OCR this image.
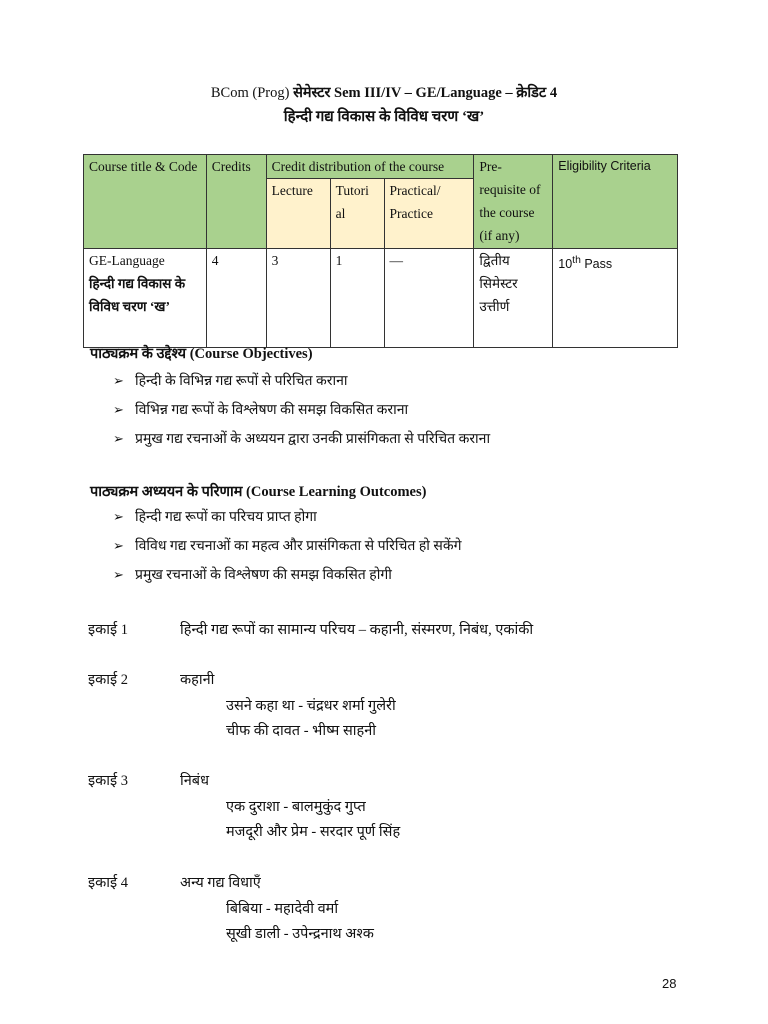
BCom (Prog) सेमेस्टर Sem III/IV – GE/Language – क्रेडिट 4
हिन्दी गद्य विकास के विविध चरण ‘ख’
Course title & Code	Credits	Credit distribution of the course			Pre-requisite of the course (if any)	Eligibility Criteria
		Lecture	Tutori al	Practical/ Practice		

GE-Language
हिन्दी गद्य विकास के विविध चरण ‘ख’	4	3	1	—	द्वितीय सिमेस्टर उत्तीर्ण	10th Pass
पाठ्यक्रम के उद्देश्य (Course Objectives)
➢ हिन्दी के विभिन्न गद्य रूपों से परिचित कराना
➢ विभिन्न गद्य रूपों के विश्लेषण की समझ विकसित कराना
➢ प्रमुख गद्य रचनाओं के अध्ययन द्वारा उनकी प्रासंगिकता से परिचित कराना
पाठ्यक्रम अध्ययन के परिणाम (Course Learning Outcomes)
➢ हिन्दी गद्य रूपों का परिचय प्राप्त होगा
➢ विविध गद्य रचनाओं का महत्व और प्रासंगिकता से परिचित हो सकेंगे
➢ प्रमुख रचनाओं के विश्लेषण की समझ विकसित होगी
इकाई 1	हिन्दी गद्य रूपों का सामान्य परिचय – कहानी, संस्मरण, निबंध, एकांकी
इकाई 2	कहानी
उसने कहा था - चंद्रधर शर्मा गुलेरी
चीफ की दावत - भीष्म साहनी
इकाई 3	निबंध
एक दुराशा - बालमुकुंद गुप्त
मजदूरी और प्रेम - सरदार पूर्ण सिंह
इकाई 4	अन्य गद्य विधाएँ
बिबिया - महादेवी वर्मा
सूखी डाली - उपेन्द्रनाथ अश्क
28
